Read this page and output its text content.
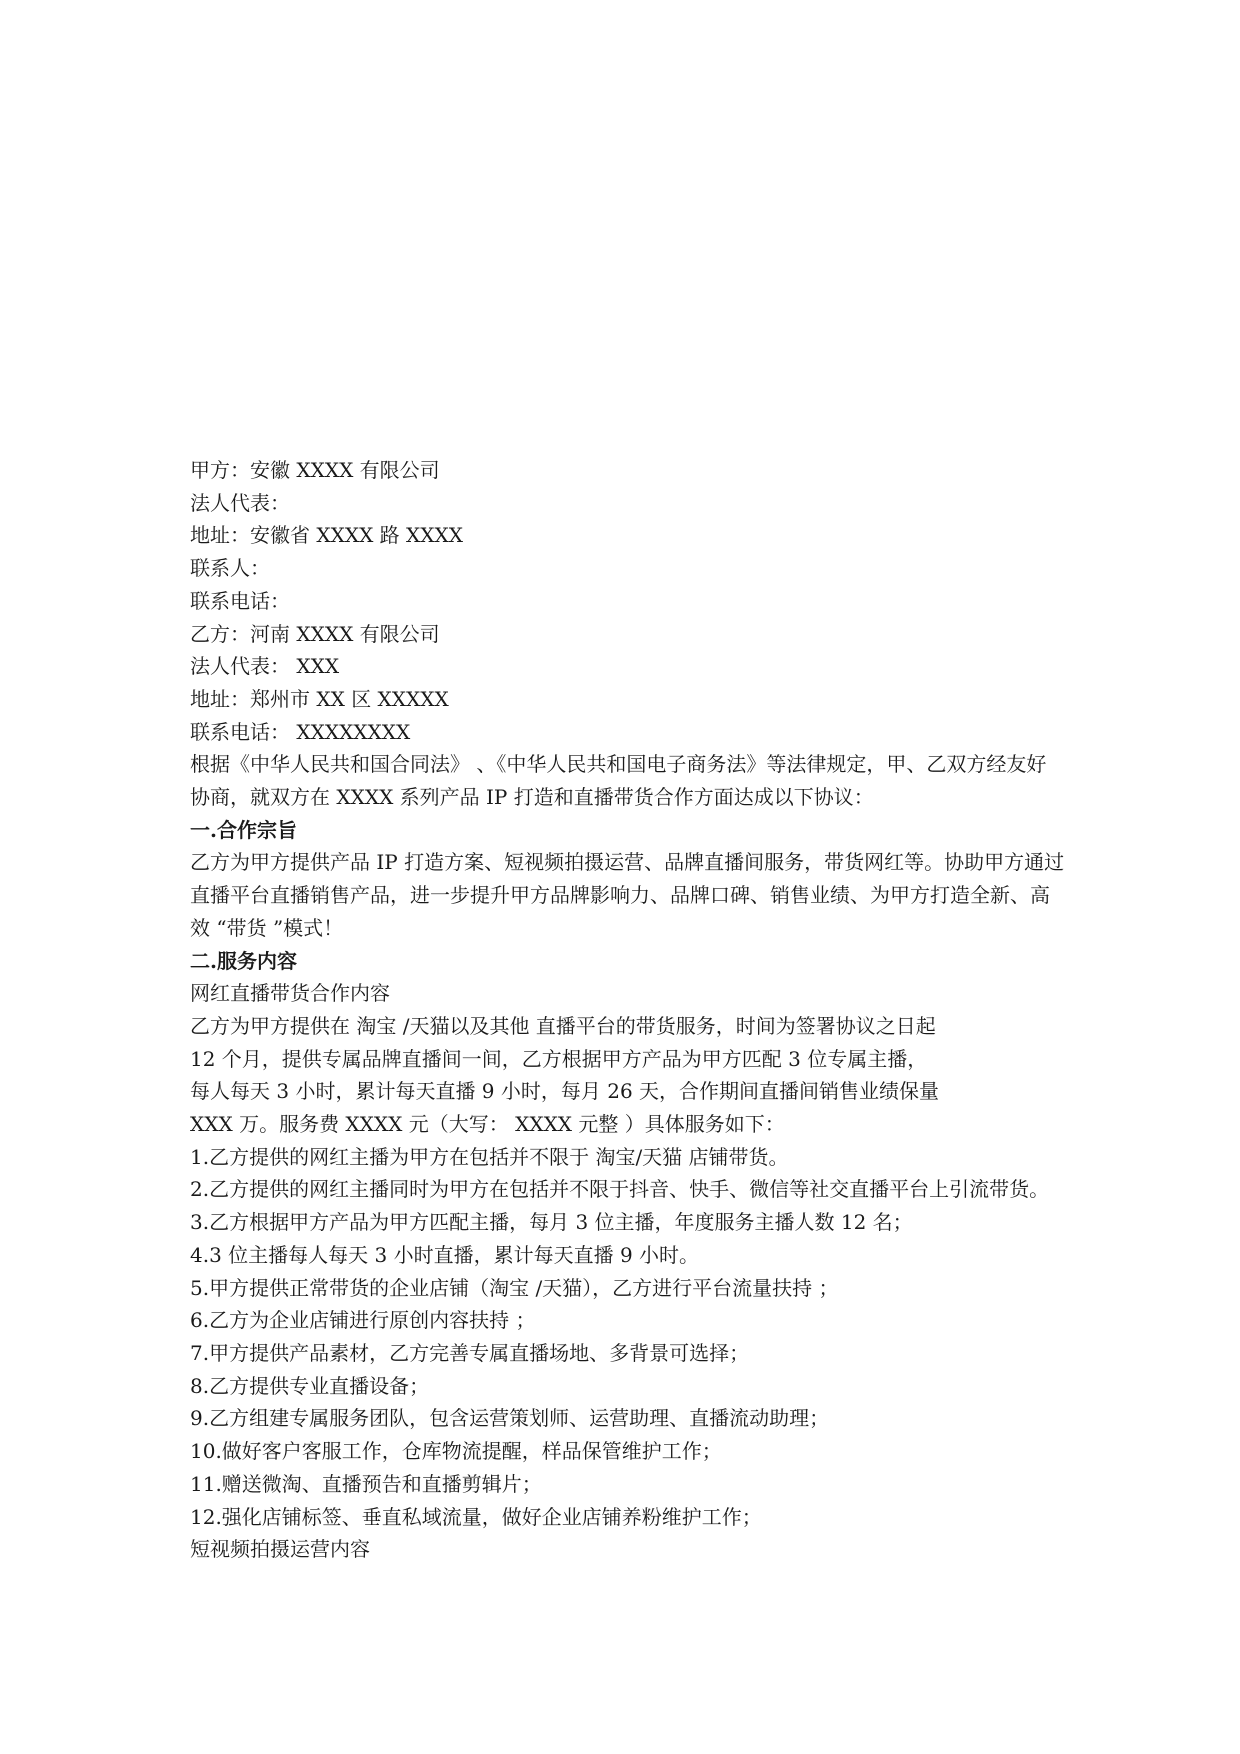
甲方：安徽 XXXX 有限公司
法人代表：
地址：安徽省 XXXX 路 XXXX
联系人：
联系电话：
乙方：河南 XXXX 有限公司
法人代表： XXX
地址：郑州市 XX 区 XXXXX
联系电话： XXXXXXXX
根据《中华人民共和国合同法》 、《中华人民共和国电子商务法》等法律规定，甲、乙双方经友好协商，就双方在 XXXX 系列产品 IP 打造和直播带货合作方面达成以下协议：
一.合作宗旨
乙方为甲方提供产品 IP 打造方案、短视频拍摄运营、品牌直播间服务，带货网红等。协助甲方通过直播平台直播销售产品，进一步提升甲方品牌影响力、品牌口碑、销售业绩、为甲方打造全新、高效 “带货 ”模式！
二.服务内容
网红直播带货合作内容
乙方为甲方提供在 淘宝 /天猫以及其他 直播平台的带货服务，时间为签署协议之日起
12 个月，提供专属品牌直播间一间，乙方根据甲方产品为甲方匹配 3 位专属主播，
每人每天 3 小时，累计每天直播 9 小时，每月 26 天，合作期间直播间销售业绩保量
XXX 万。服务费 XXXX 元（大写： XXXX 元整 ）具体服务如下：
1.乙方提供的网红主播为甲方在包括并不限于 淘宝/天猫 店铺带货。
2.乙方提供的网红主播同时为甲方在包括并不限于抖音、快手、微信等社交直播平台上引流带货。
3.乙方根据甲方产品为甲方匹配主播，每月 3 位主播，年度服务主播人数 12 名；
4.3 位主播每人每天 3 小时直播，累计每天直播 9 小时。
5.甲方提供正常带货的企业店铺（淘宝 /天猫），乙方进行平台流量扶持 ；
6.乙方为企业店铺进行原创内容扶持 ；
7.甲方提供产品素材，乙方完善专属直播场地、多背景可选择；
8.乙方提供专业直播设备；
9.乙方组建专属服务团队，包含运营策划师、运营助理、直播流动助理；
10.做好客户客服工作，仓库物流提醒，样品保管维护工作；
11.赠送微淘、直播预告和直播剪辑片；
12.强化店铺标签、垂直私域流量，做好企业店铺养粉维护工作；
短视频拍摄运营内容
